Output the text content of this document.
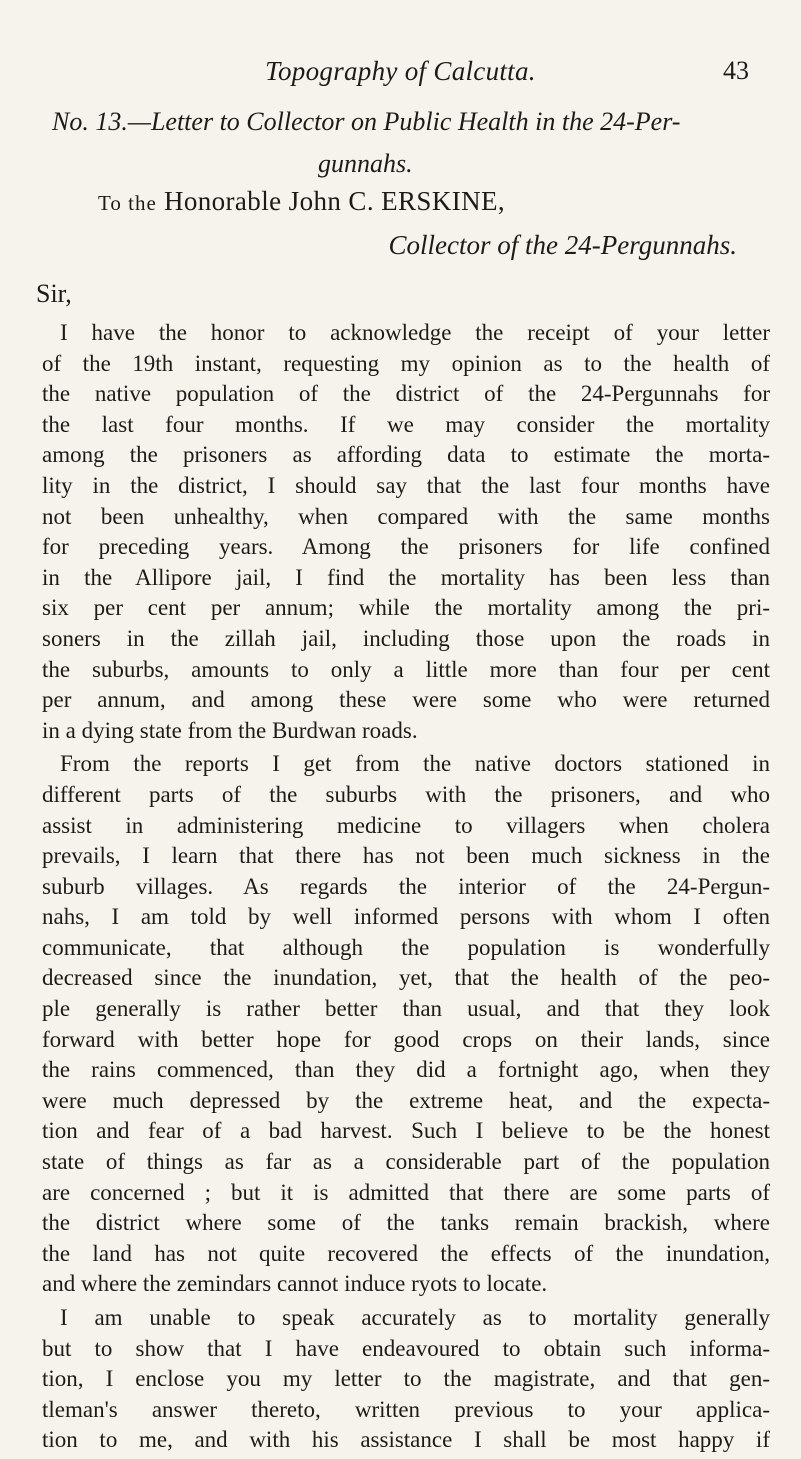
Topography of Calcutta.	43

No. 13.—Letter to Collector on Public Health in the 24-Per-

gunnahs.

To the Honorable John C. ERSKINE,
Collector of the 24-Pergunnahs.
Sir,
I have the honor to acknowledge the receipt of your letter
of the 19th instant, requesting my opinion as to the health of
the native population of the district of the 24-Pergunnahs for
the last four months. If we may consider the mortality
among the prisoners as affording data to estimate the morta-
lity in the district, I should say that the last four months have
not been unhealthy, when compared with the same months
for preceding years. Among the prisoners for life confined
in the Allipore jail, I find the mortality has been less than
six per cent per annum; while the mortality among the pri-
soners in the zillah jail, including those upon the roads in
the suburbs, amounts to only a little more than four per cent
per annum, and among these were some who were returned
in a dying state from the Burdwan roads.
From the reports I get from the native doctors stationed in
different parts of the suburbs with the prisoners, and who
assist in administering medicine to villagers when cholera
prevails, I learn that there has not been much sickness in the
suburb villages. As regards the interior of the 24-Pergun-
nahs, I am told by well informed persons with whom I often
communicate, that although the population is wonderfully
decreased since the inundation, yet, that the health of the peo-
ple generally is rather better than usual, and that they look
forward with better hope for good crops on their lands, since
the rains commenced, than they did a fortnight ago, when they
were much depressed by the extreme heat, and the expecta-
tion and fear of a bad harvest. Such I believe to be the honest
state of things as far as a considerable part of the population
are concerned ; but it is admitted that there are some parts of
the district where some of the tanks remain brackish, where
the land has not quite recovered the effects of the inundation,
and where the zemindars cannot induce ryots to locate.
I am unable to speak accurately as to mortality generally
but to show that I have endeavoured to obtain such informa-
tion, I enclose you my letter to the magistrate, and that gen-
tleman's answer thereto, written previous to your applica-
tion to me, and with his assistance I shall be most happy if
